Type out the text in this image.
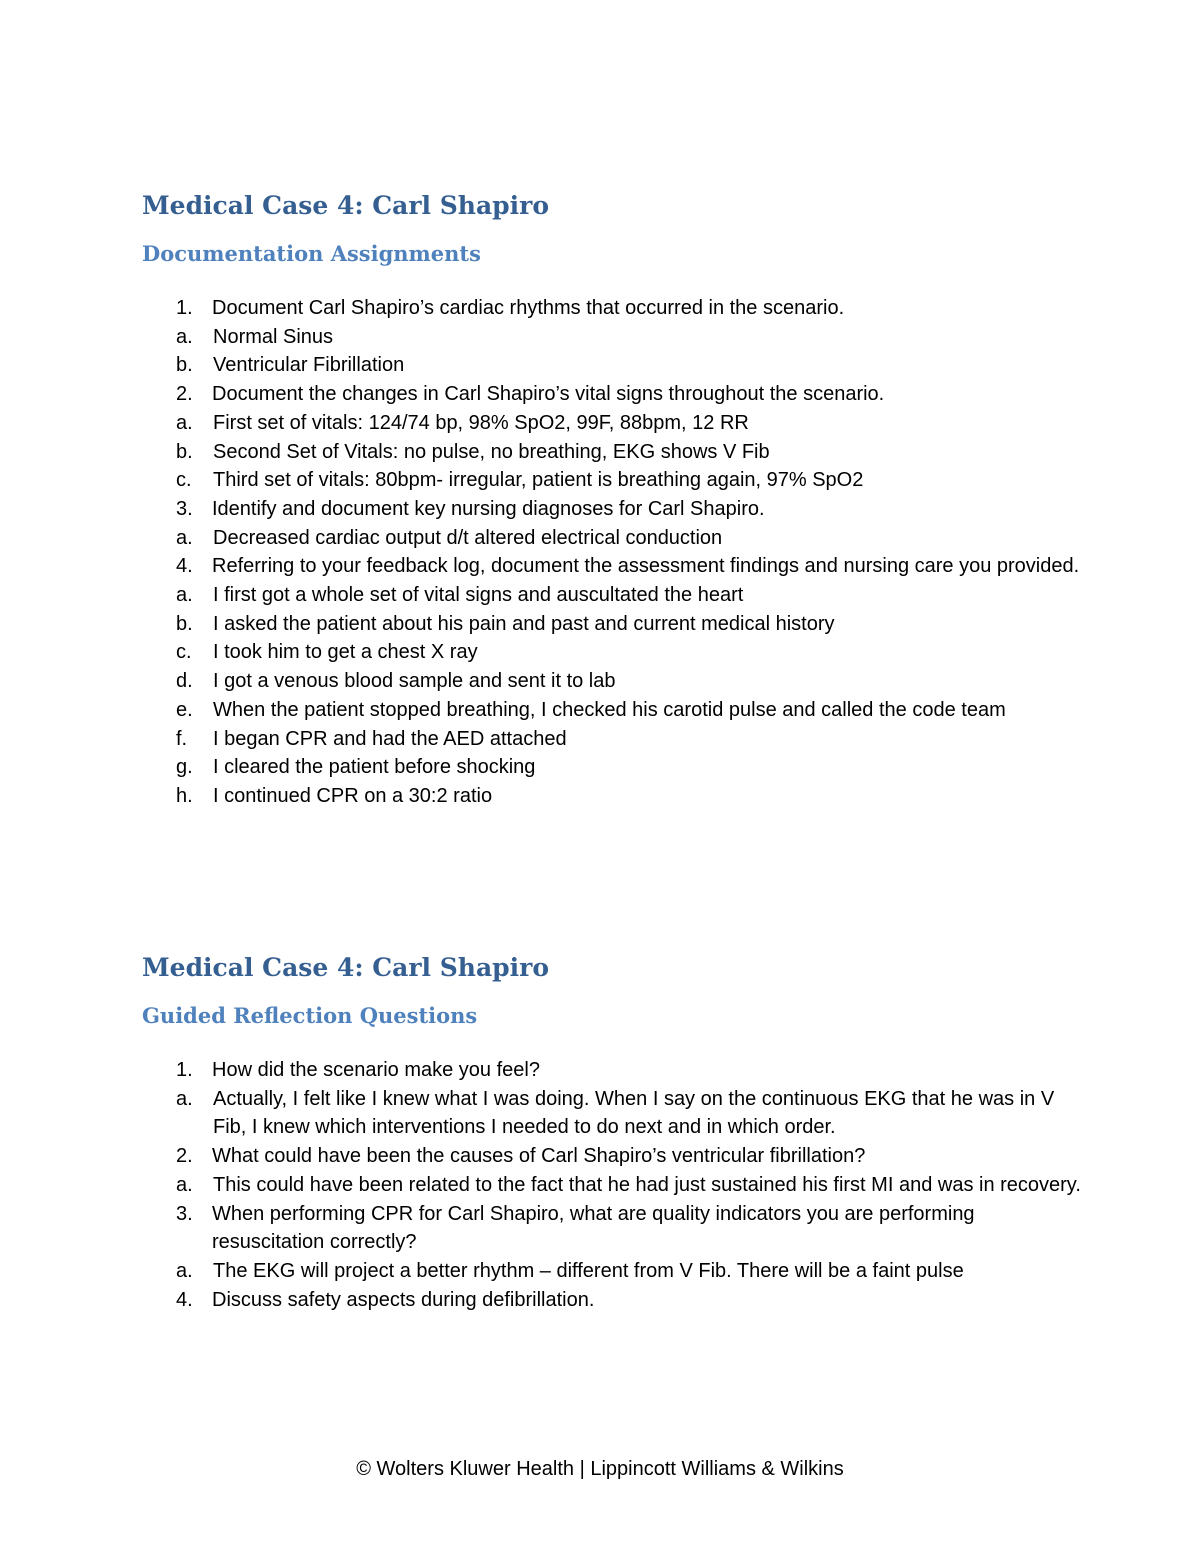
Medical Case 4: Carl Shapiro
Documentation Assignments
1. Document Carl Shapiro’s cardiac rhythms that occurred in the scenario.
a. Normal Sinus
b. Ventricular Fibrillation
2. Document the changes in Carl Shapiro’s vital signs throughout the scenario.
a. First set of vitals: 124/74 bp, 98% SpO2, 99F, 88bpm, 12 RR
b. Second Set of Vitals: no pulse, no breathing, EKG shows V Fib
c. Third set of vitals: 80bpm- irregular, patient is breathing again, 97% SpO2
3. Identify and document key nursing diagnoses for Carl Shapiro.
a. Decreased cardiac output d/t altered electrical conduction
4. Referring to your feedback log, document the assessment findings and nursing care you provided.
a. I first got a whole set of vital signs and auscultated the heart
b. I asked the patient about his pain and past and current medical history
c. I took him to get a chest X ray
d. I got a venous blood sample and sent it to lab
e. When the patient stopped breathing, I checked his carotid pulse and called the code team
f. I began CPR and had the AED attached
g. I cleared the patient before shocking
h. I continued CPR on a 30:2 ratio
Medical Case 4: Carl Shapiro
Guided Reflection Questions
1. How did the scenario make you feel?
a. Actually, I felt like I knew what I was doing. When I say on the continuous EKG that he was in V Fib, I knew which interventions I needed to do next and in which order.
2. What could have been the causes of Carl Shapiro’s ventricular fibrillation?
a. This could have been related to the fact that he had just sustained his first MI and was in recovery.
3. When performing CPR for Carl Shapiro, what are quality indicators you are performing resuscitation correctly?
a. The EKG will project a better rhythm – different from V Fib. There will be a faint pulse
4. Discuss safety aspects during defibrillation.
© Wolters Kluwer Health | Lippincott Williams & Wilkins
